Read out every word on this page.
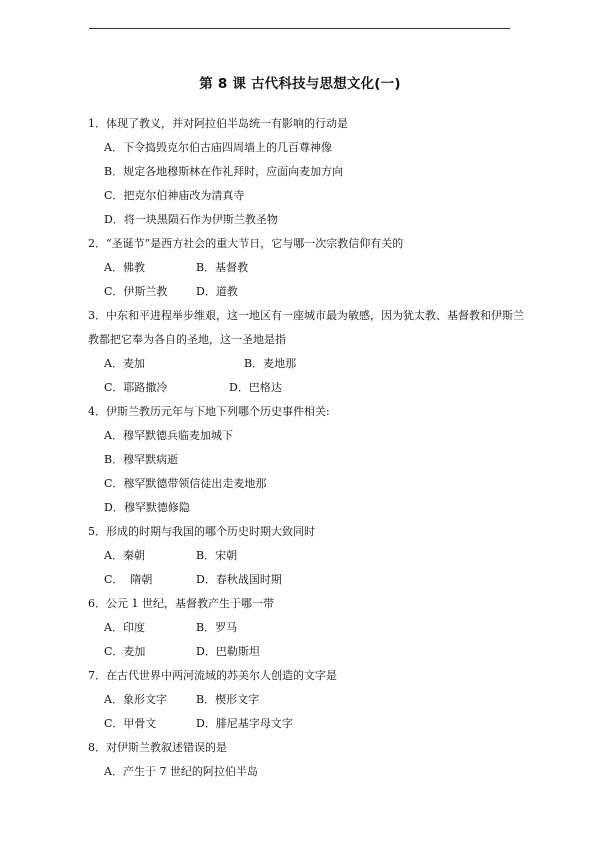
第 8 课 古代科技与思想文化(一)
1．体现了教义，并对阿拉伯半岛统一有影响的行动是
A．下令捣毁克尔伯古庙四周墙上的几百尊神像
B．规定各地穆斯林在作礼拜时，应面向麦加方向
C．把克尔伯神庙改为清真寺
D．将一块黑陨石作为伊斯兰教圣物
2．“圣诞节”是西方社会的重大节日，它与哪一次宗教信仰有关的
A．佛教	B．基督教
C．伊斯兰教	D．道教
3．中东和平进程举步维艰，这一地区有一座城市最为敏感，因为犹太教、基督教和伊斯兰
教都把它奉为各自的圣地，这一圣地是指
A．麦加	B．麦地那
C．耶路撒冷	D．巴格达
4．伊斯兰教历元年与下地下列哪个历史事件相关:
A．穆罕默德兵临麦加城下
B．穆罕默病逝
C．穆罕默德带领信徒出走麦地那
D．穆罕默德修隐
5．形成的时期与我国的哪个历史时期大致同时
A．秦朝	B．宋朝
C．  隋朝	D．春秋战国时期
6．公元 1 世纪，基督教产生于哪一带
A．印度	B．罗马
C．麦加	D．巴勒斯坦
7．在古代世界中两河流域的苏美尔人创造的文字是
A．象形文字	B．楔形文字
C．甲骨文	D．腓尼基字母文字
8．对伊斯兰教叙述错误的是
A．产生于 7 世纪的阿拉伯半岛
